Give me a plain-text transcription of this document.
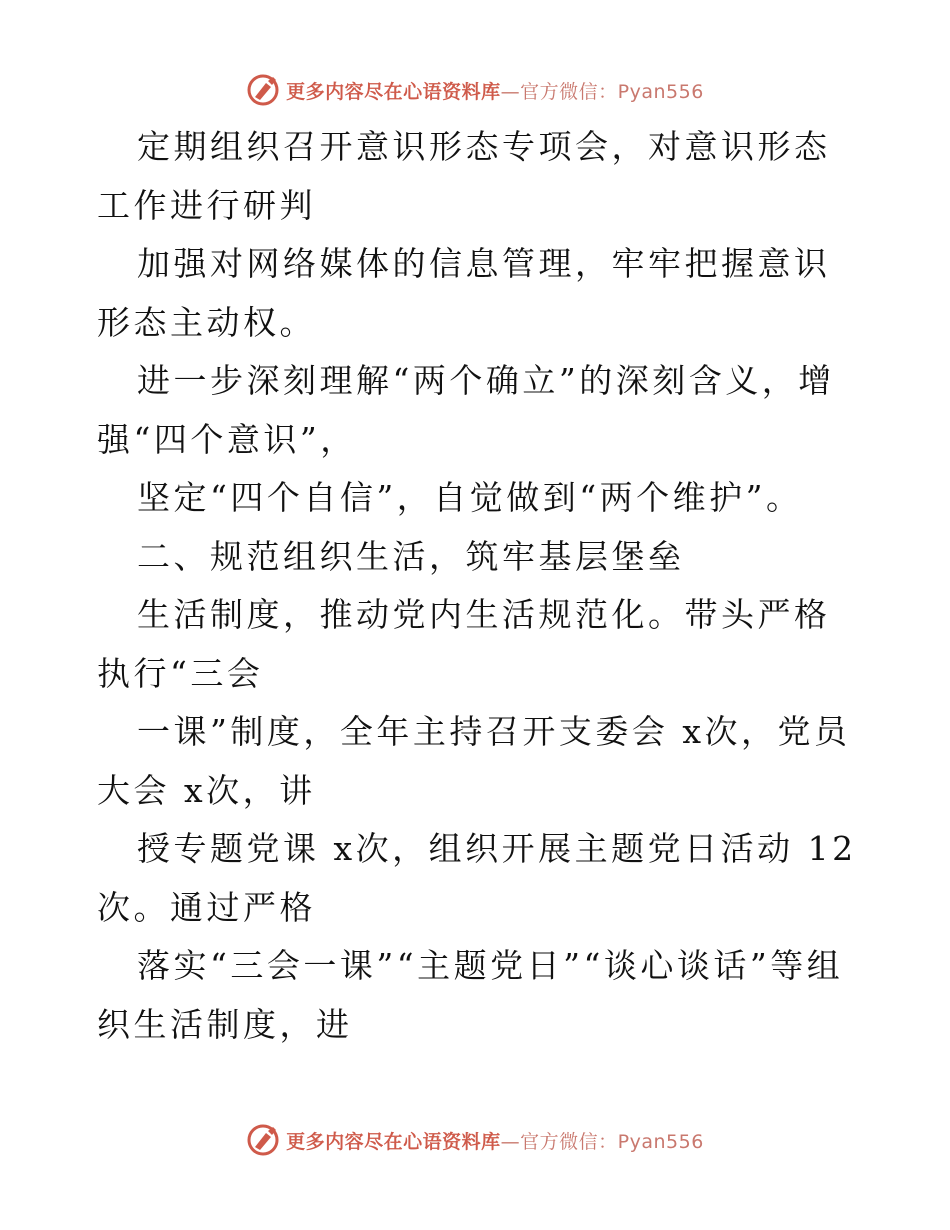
更多内容尽在心语资料库—官方微信：Pyan556

定期组织召开意识形态专项会，对意识形态工作进行研判

加强对网络媒体的信息管理，牢牢把握意识形态主动权。

进一步深刻理解“两个确立”的深刻含义，增强“四个意识”，

坚定“四个自信”，自觉做到“两个维护”。

二、规范组织生活，筑牢基层堡垒

生活制度，推动党内生活规范化。带头严格执行“三会

一课”制度，全年主持召开支委会 x次，党员大会 x次，讲

授专题党课 x次，组织开展主题党日活动 12次。通过严格

落实“三会一课”“主题党日”“谈心谈话”等组织生活制度，进

更多内容尽在心语资料库—官方微信：Pyan556
